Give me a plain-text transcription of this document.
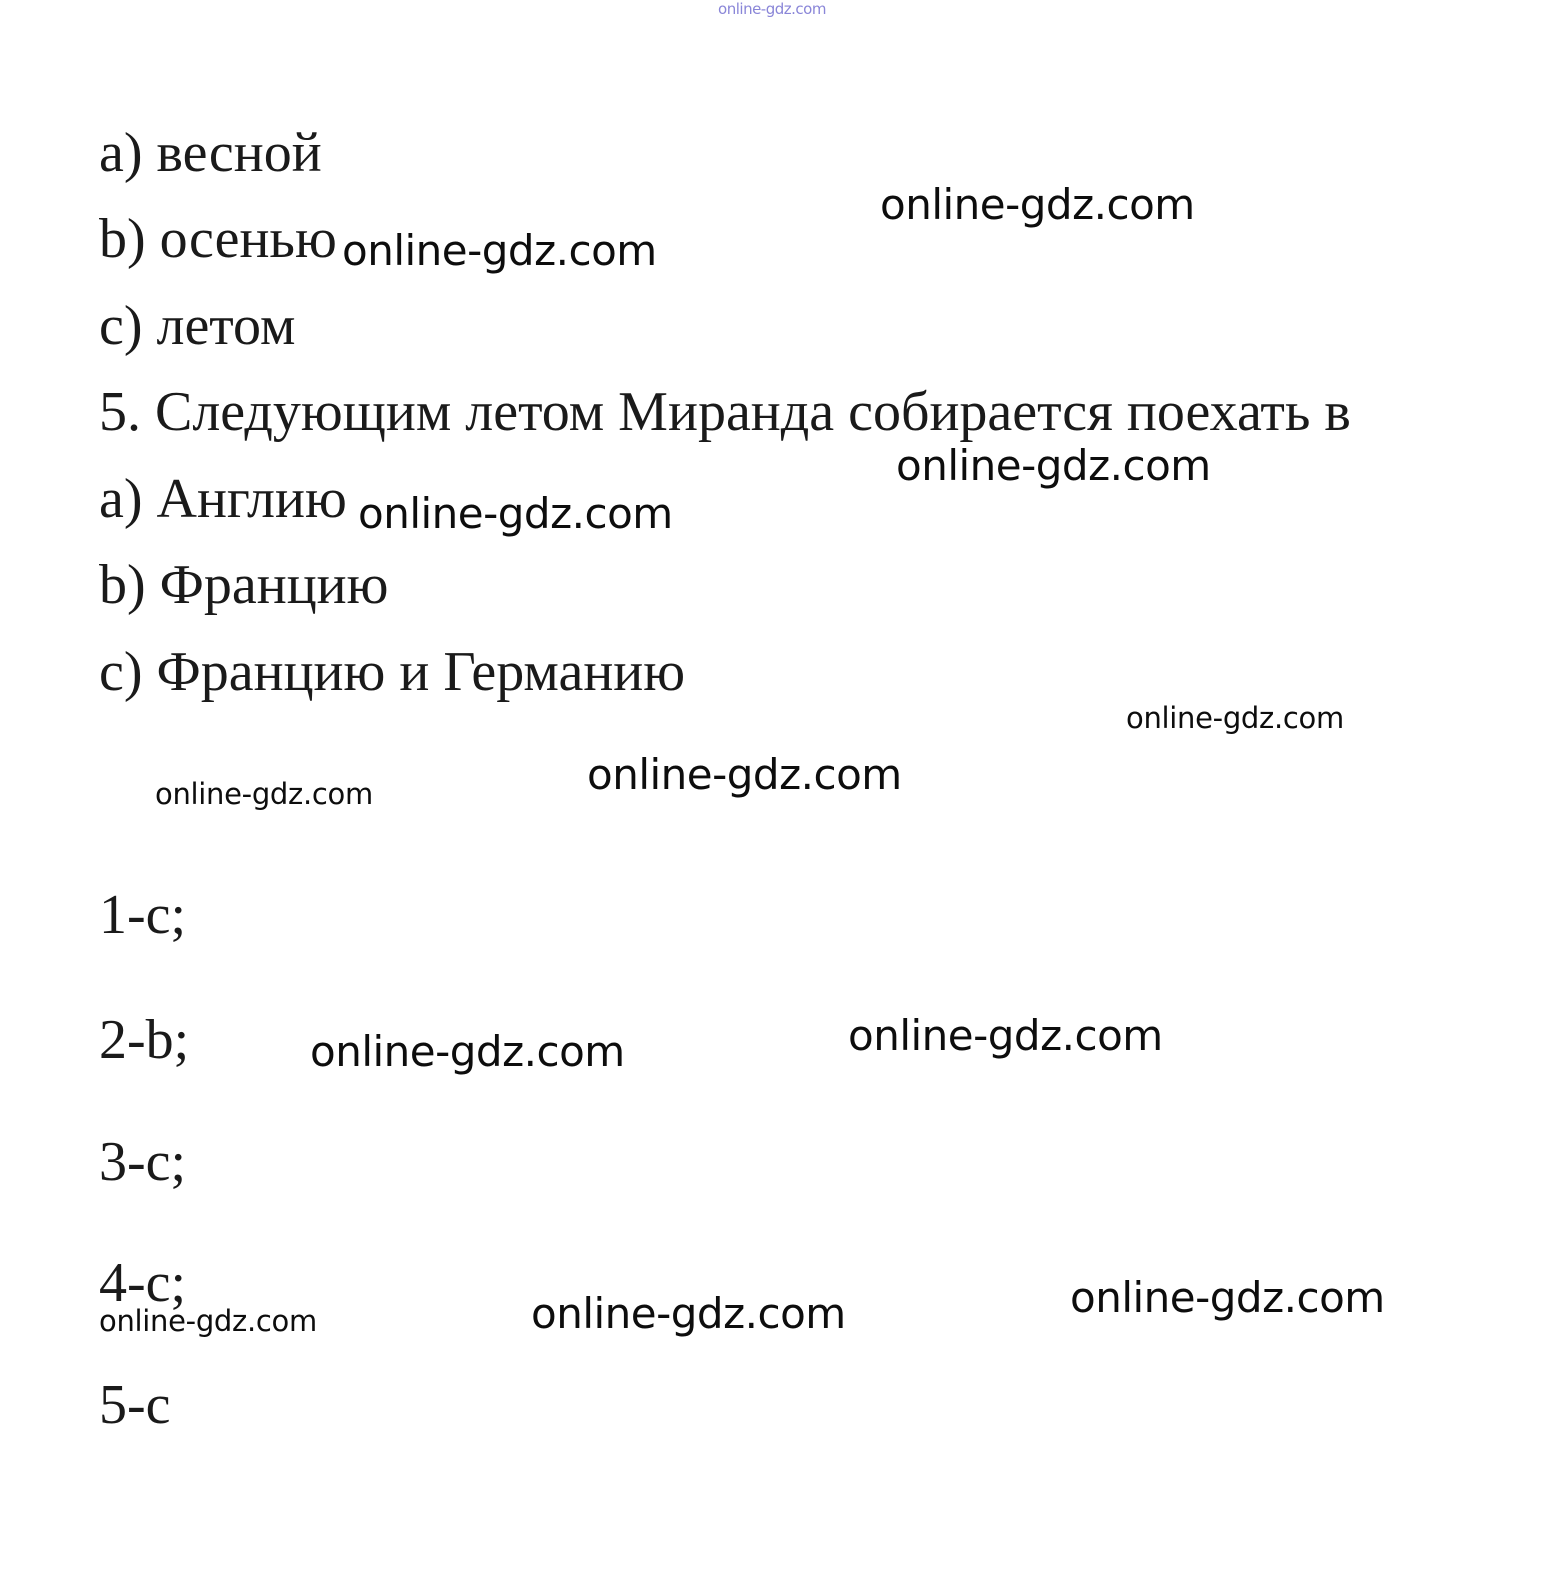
online-gdz.com
a) весной
b) осенью
c) летом
5. Следующим летом Миранда собирается поехать в
a) Англию
b) Францию
c) Францию и Германию
1-c;
2-b;
3-c;
4-c;
5-c
online-gdz.com
online-gdz.com
online-gdz.com
online-gdz.com
online-gdz.com
online-gdz.com
online-gdz.com
online-gdz.com
online-gdz.com
online-gdz.com
online-gdz.com
online-gdz.com
